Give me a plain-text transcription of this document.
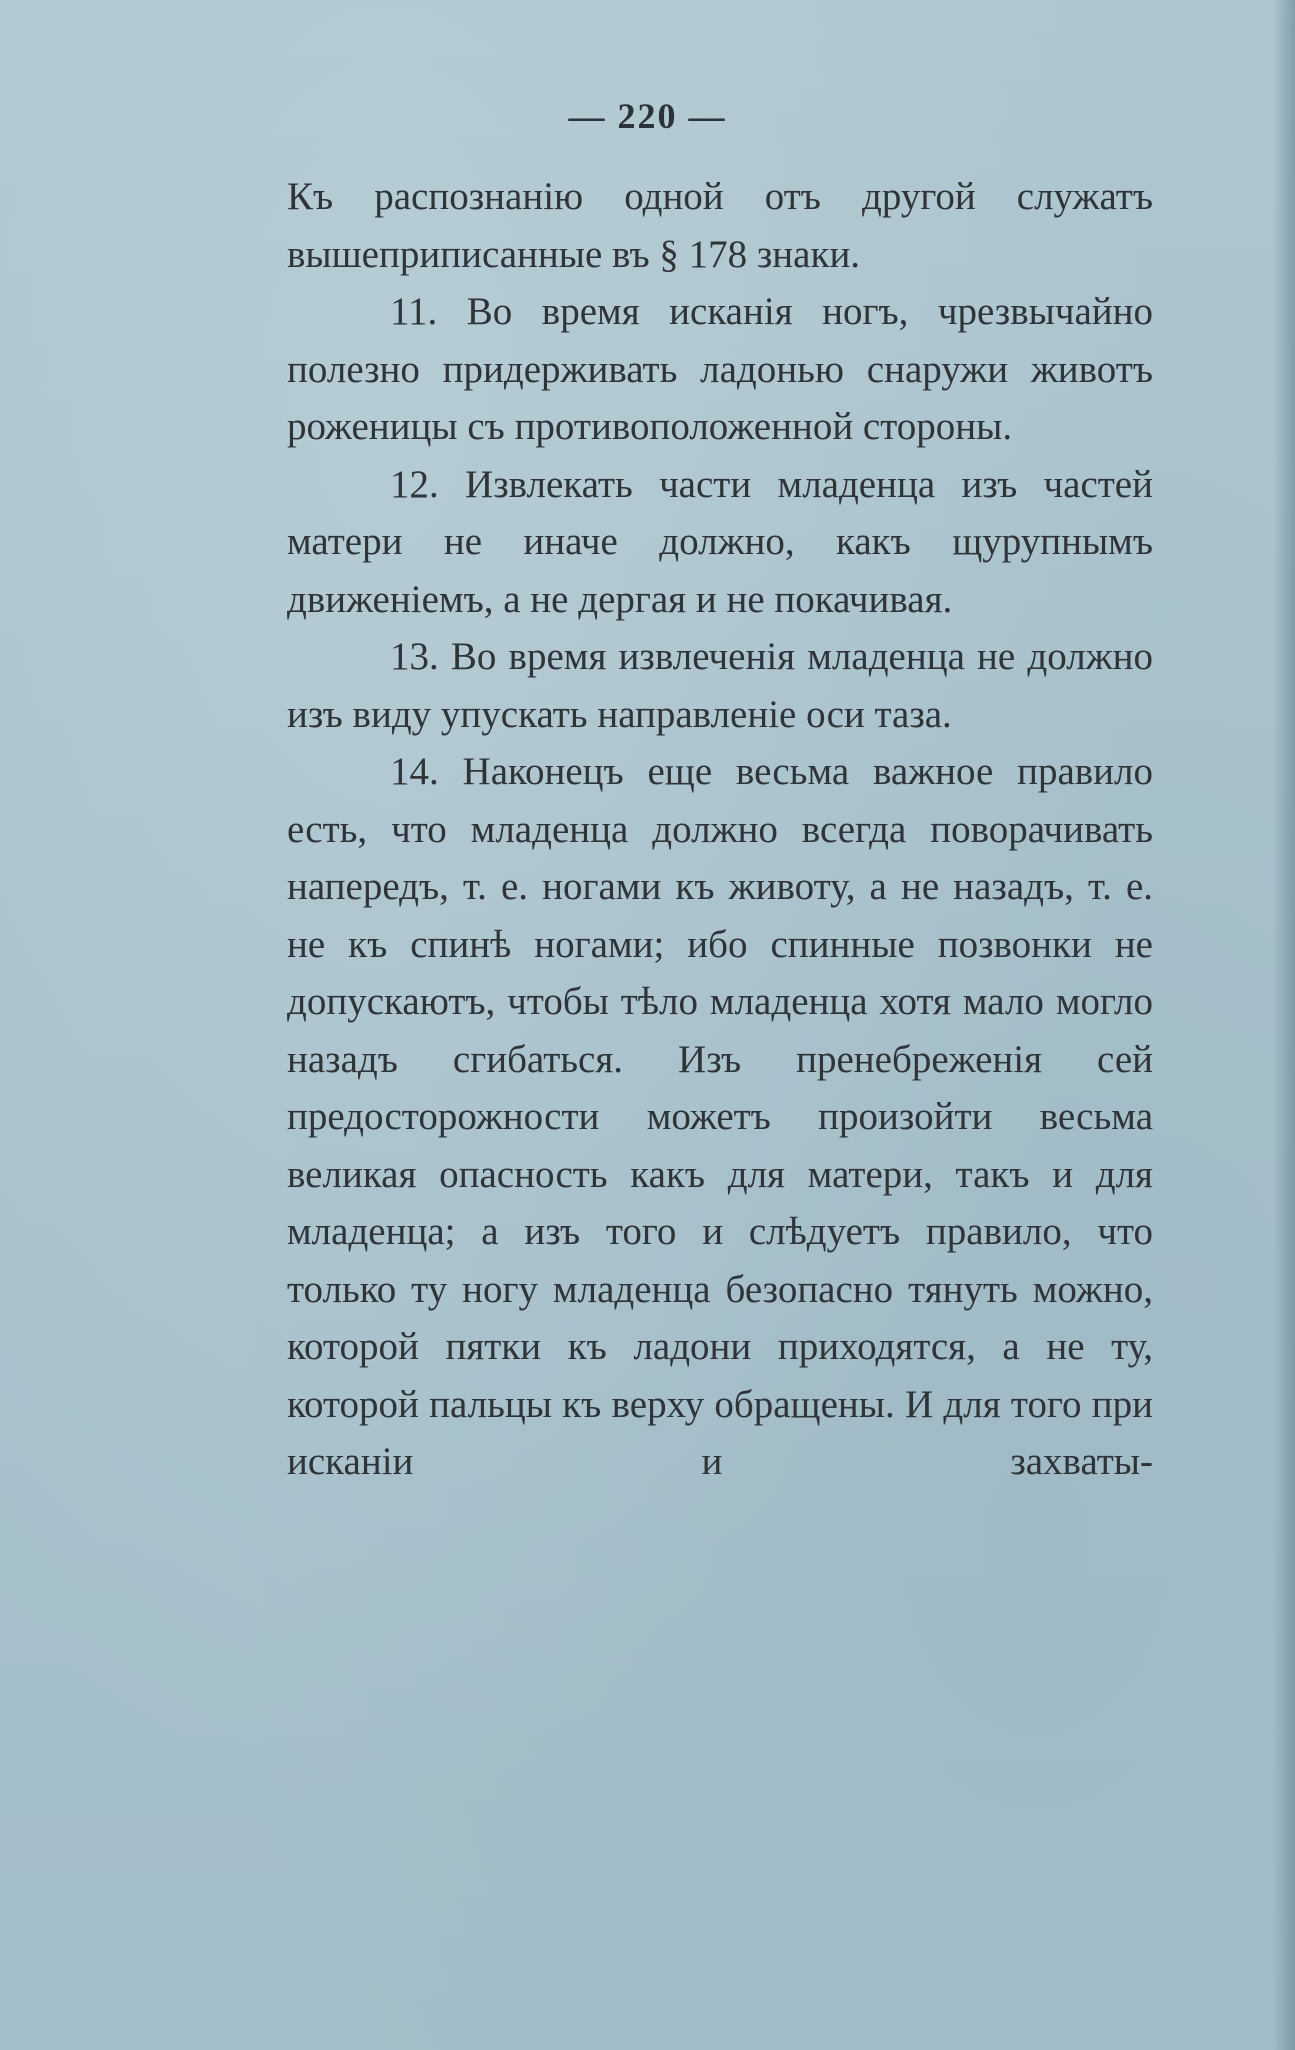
— 220 —

Къ распознанію одной отъ другой служатъ вышеприписанные въ § 178 знаки.

11. Во время исканія ногъ, чрезвычайно полезно придерживать ладонью снаружи животъ роженицы съ противоположенной стороны.

12. Извлекать части младенца изъ частей матери не иначе должно, какъ щурупнымъ движеніемъ, а не дергая и не покачивая.

13. Во время извлеченія младенца не должно изъ виду упускать направленіе оси таза.

14. Наконецъ еще весьма важное правило есть, что младенца должно всегда поворачивать напередъ, т. е. ногами къ животу, а не назадъ, т. е. не къ спинѣ ногами; ибо спинные позвонки не допускаютъ, чтобы тѣло младенца хотя мало могло назадъ сгибаться. Изъ пренебреженія сей предосторожности можетъ произойти весьма великая опасность какъ для матери, такъ и для младенца; а изъ того и слѣдуетъ правило, что только ту ногу младенца безопасно тянуть можно, которой пятки къ ладони приходятся, а не ту, которой пальцы къ верху обращены. И для того при исканіи и захваты-
